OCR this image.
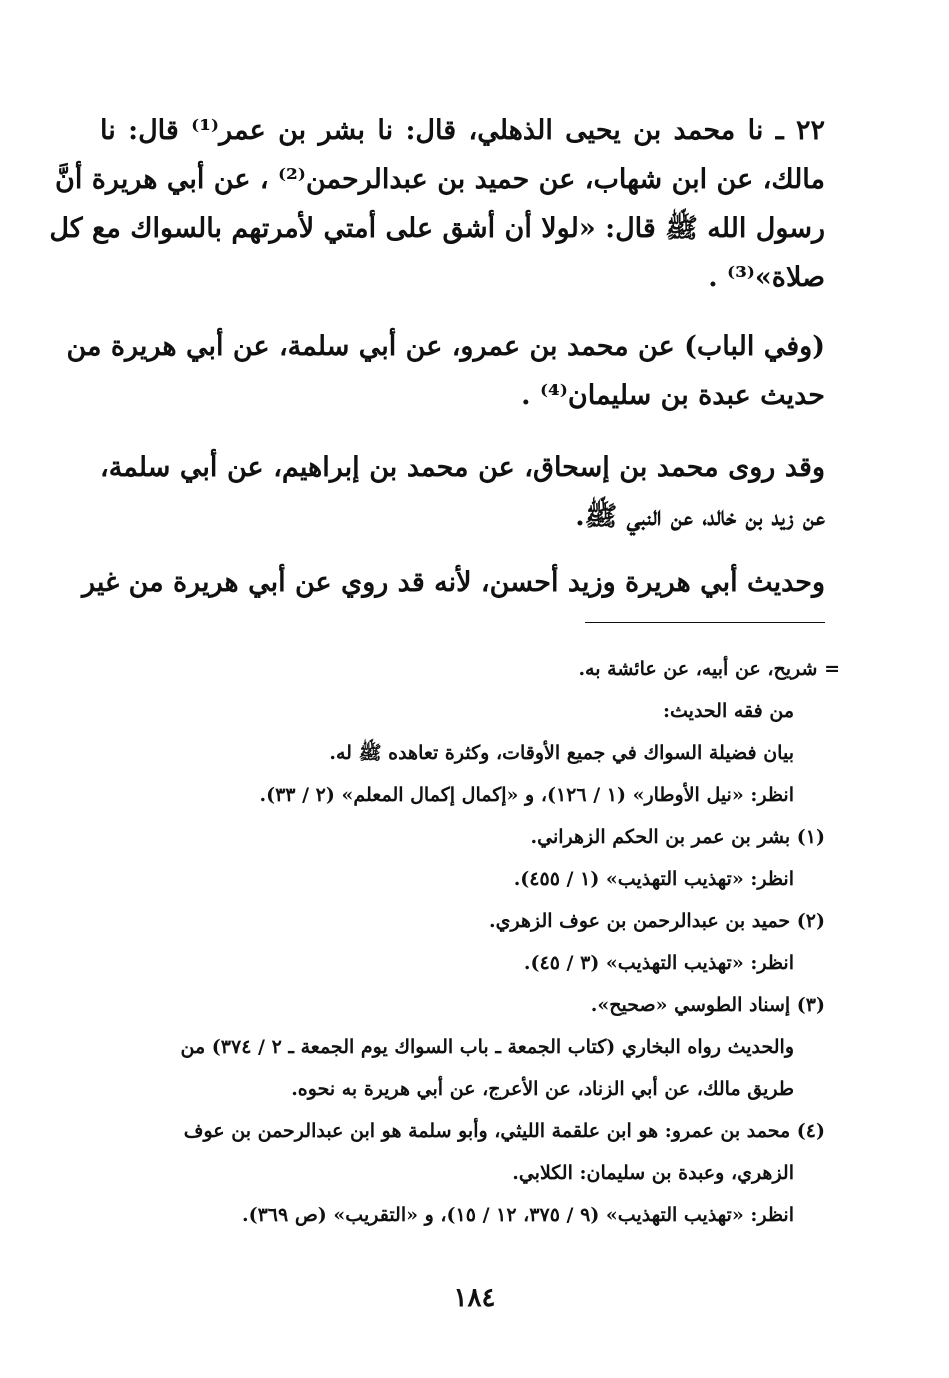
٢٢ ـ نا محمد بن يحيى الذهلي، قال: نا بشر بن عمر⁽¹⁾ قال: نا
مالك، عن ابن شهاب، عن حميد بن عبدالرحمن⁽²⁾ ، عن أبي هريرة أنَّ
رسول الله ﷺ قال: «لولا أن أشق على أمتي لأمرتهم بالسواك مع كل
صلاة»⁽³⁾ .
(وفي الباب) عن محمد بن عمرو، عن أبي سلمة، عن أبي هريرة من
حديث عبدة بن سليمان⁽⁴⁾ .
وقد روى محمد بن إسحاق، عن محمد بن إبراهيم، عن أبي سلمة،
عن زيد بن خالد، عن النبي ﷺ.
وحديث أبي هريرة وزيد أحسن، لأنه قد روي عن أبي هريرة من غير
= شريح، عن أبيه، عن عائشة به.
من فقه الحديث:
بيان فضيلة السواك في جميع الأوقات، وكثرة تعاهده ﷺ له.
انظر: «نيل الأوطار» (١ / ١٢٦)، و «إكمال إكمال المعلم» (٢ / ٣٣).
(١) بشر بن عمر بن الحكم الزهراني.
انظر: «تهذيب التهذيب» (١ / ٤٥٥).
(٢) حميد بن عبدالرحمن بن عوف الزهري.
انظر: «تهذيب التهذيب» (٣ / ٤٥).
(٣) إسناد الطوسي «صحيح».
والحديث رواه البخاري (كتاب الجمعة ـ باب السواك يوم الجمعة ـ ٢ / ٣٧٤) من
طريق مالك، عن أبي الزناد، عن الأعرج، عن أبي هريرة به نحوه.
(٤) محمد بن عمرو: هو ابن علقمة الليثي، وأبو سلمة هو ابن عبدالرحمن بن عوف
الزهري، وعبدة بن سليمان: الكلابي.
انظر: «تهذيب التهذيب» (٩ / ٣٧٥، ١٢ / ١٥)، و «التقريب» (ص ٣٦٩).
١٨٤
